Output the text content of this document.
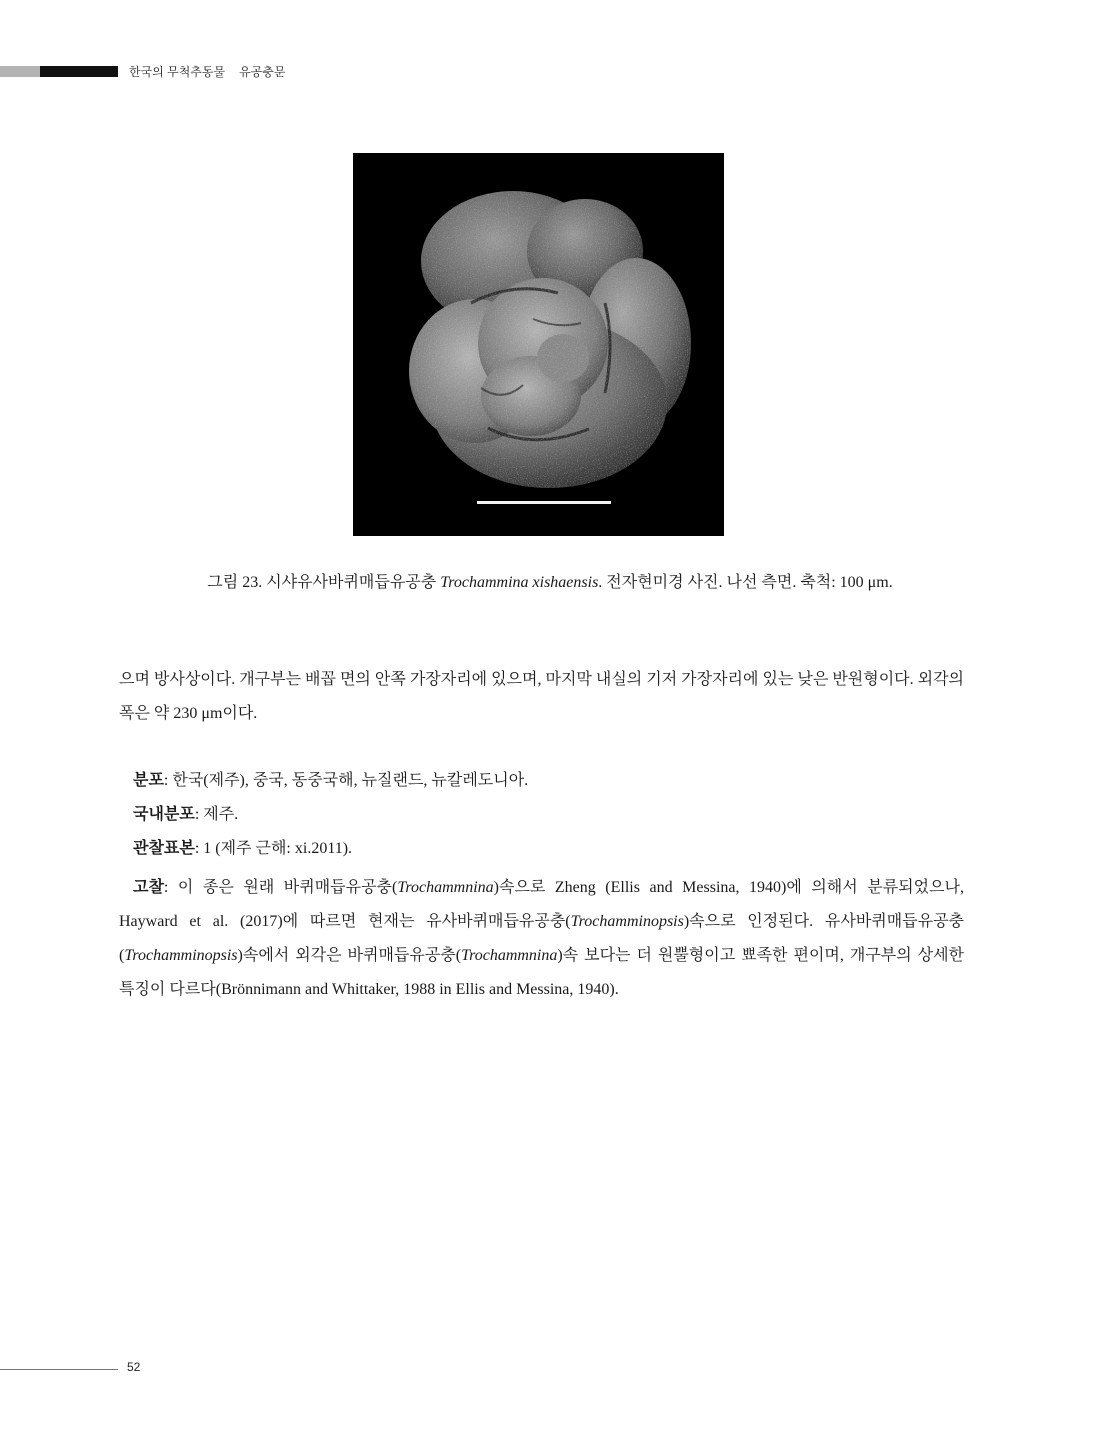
한국의 무척추동물 유공충문
그림 23. 시샤유사바퀴매듭유공충 Trochammina xishaensis. 전자현미경 사진. 나선 측면. 축척: 100 μm.
으며 방사상이다. 개구부는 배꼽 면의 안쪽 가장자리에 있으며, 마지막 내실의 기저 가장자리에 있는 낮은 반원형이다. 외각의 폭은 약 230 μm이다.
분포: 한국(제주), 중국, 동중국해, 뉴질랜드, 뉴칼레도니아.
국내분포: 제주.
관찰표본: 1 (제주 근해: xi.2011).
고찰: 이 종은 원래 바퀴매듭유공충(Trochammnina)속으로 Zheng (Ellis and Messina, 1940)에 의해서 분류되었으나, Hayward et al. (2017)에 따르면 현재는 유사바퀴매듭유공충(Trochamminopsis)속으로 인정된다. 유사바퀴매듭유공충(Trochamminopsis)속에서 외각은 바퀴매듭유공충(Trochammnina)속 보다는 더 원뿔형이고 뾰족한 편이며, 개구부의 상세한 특징이 다르다(Brönnimann and Whittaker, 1988 in Ellis and Messina, 1940).
52
